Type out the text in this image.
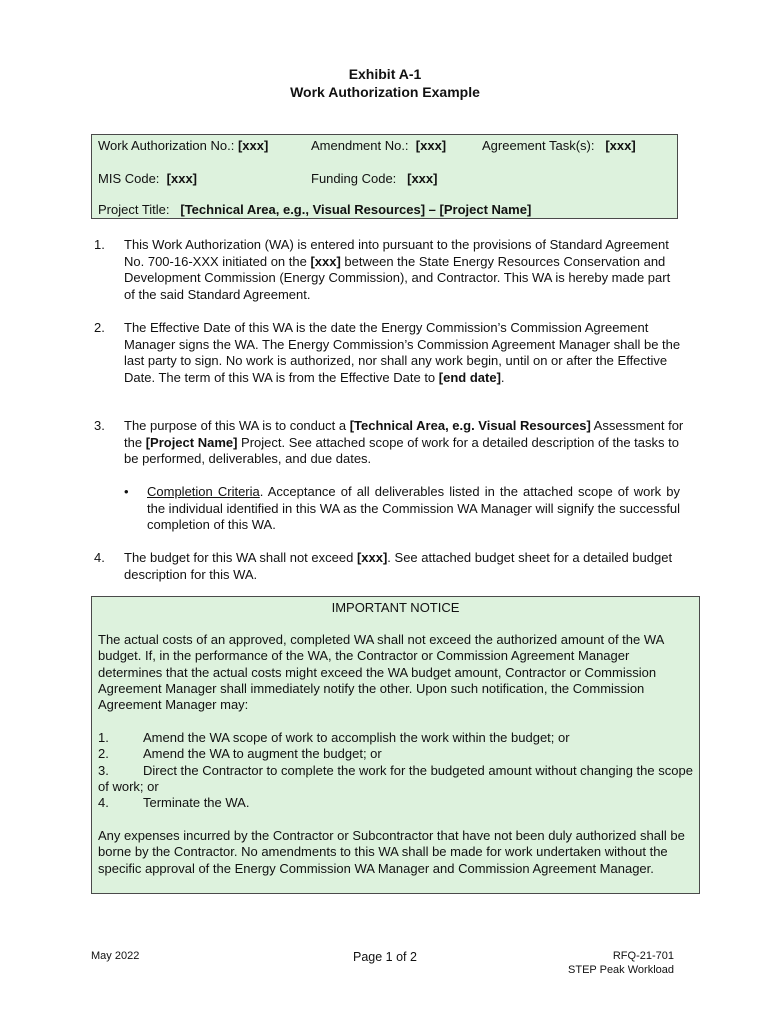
Exhibit A-1
Work Authorization Example
Work Authorization No.: [xxx]	Amendment No.: [xxx]	Agreement Task(s): [xxx]
MIS Code: [xxx]	Funding Code: [xxx]
Project Title: [Technical Area, e.g., Visual Resources] – [Project Name]
1. This Work Authorization (WA) is entered into pursuant to the provisions of Standard Agreement No. 700-16-XXX initiated on the [xxx] between the State Energy Resources Conservation and Development Commission (Energy Commission), and Contractor. This WA is hereby made part of the said Standard Agreement.
2. The Effective Date of this WA is the date the Energy Commission’s Commission Agreement Manager signs the WA. The Energy Commission’s Commission Agreement Manager shall be the last party to sign. No work is authorized, nor shall any work begin, until on or after the Effective Date. The term of this WA is from the Effective Date to [end date].
3. The purpose of this WA is to conduct a [Technical Area, e.g. Visual Resources] Assessment for the [Project Name] Project. See attached scope of work for a detailed description of the tasks to be performed, deliverables, and due dates.
• Completion Criteria. Acceptance of all deliverables listed in the attached scope of work by the individual identified in this WA as the Commission WA Manager will signify the successful completion of this WA.
4. The budget for this WA shall not exceed [xxx]. See attached budget sheet for a detailed budget description for this WA.
IMPORTANT NOTICE
The actual costs of an approved, completed WA shall not exceed the authorized amount of the WA budget. If, in the performance of the WA, the Contractor or Commission Agreement Manager determines that the actual costs might exceed the WA budget amount, Contractor or Commission Agreement Manager shall immediately notify the other. Upon such notification, the Commission Agreement Manager may:
1.	Amend the WA scope of work to accomplish the work within the budget; or
2.	Amend the WA to augment the budget; or
3.	Direct the Contractor to complete the work for the budgeted amount without changing the scope of work; or
4.	Terminate the WA.
Any expenses incurred by the Contractor or Subcontractor that have not been duly authorized shall be borne by the Contractor. No amendments to this WA shall be made for work undertaken without the specific approval of the Energy Commission WA Manager and Commission Agreement Manager.
May 2022	Page 1 of 2	RFQ-21-701
STEP Peak Workload
